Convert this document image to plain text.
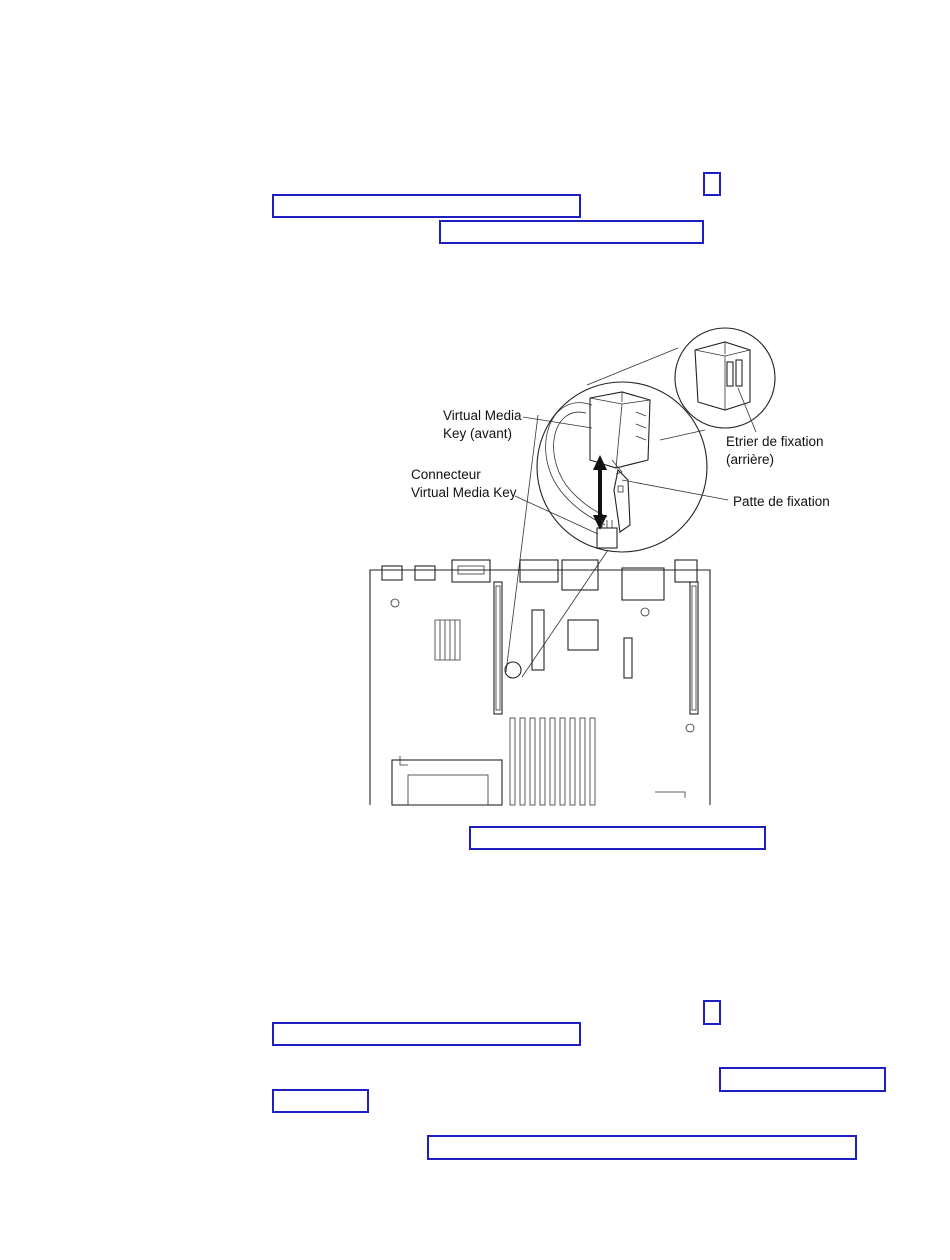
Virtual Media
Key (avant)
Connecteur
Virtual Media Key
Etrier de fixation
(arrière)
Patte de fixation
